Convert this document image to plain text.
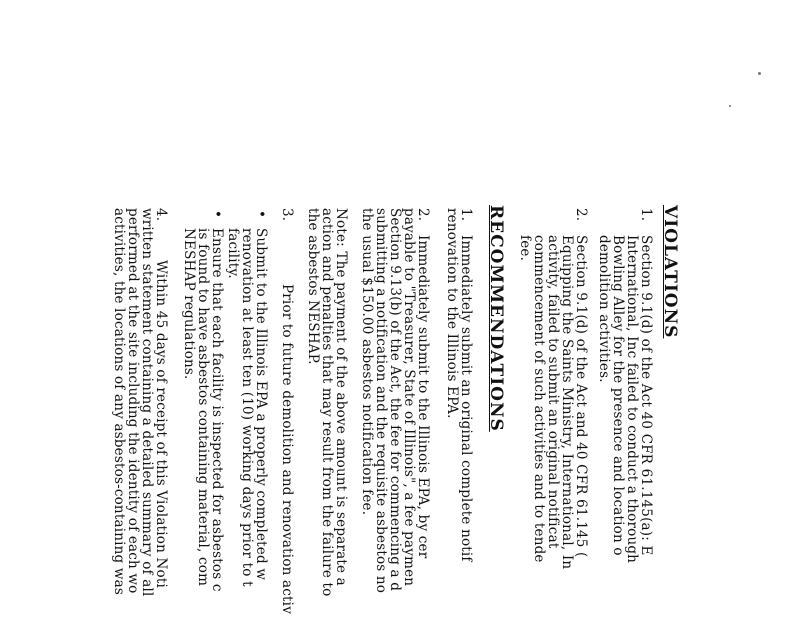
VIOLATIONS
1.
Section 9.1(d) of the Act 40 CFR 61.145(a): E
International, Inc failed to conduct a thorough
Bowling Alley for the presence and location o
demolition activities.
2.
Section 9.1(d) of the Act and 40 CFR 61.145 (
Equipping the Saints Ministry, International, In
activity, failed to submit an original notificat
commencement of such activities and to tende
fee.
RECOMMENDATIONS
1.
Immediately submit an original complete notif
renovation to the Illinois EPA.
2.
Immediately submit to the Illinois EPA, by cer
payable to "Treasurer, State of Illinois", a fee paymen
Section 9.13(b) of the Act, the fee for commencing a d
submitting a notification and the requisite asbestos no
the usual $150.00 asbestos notification fee.
Note: The payment of the above amount is separate a
action and penalties that may result from the failure to
the asbestos NESHAP.
3.
Prior to future demolition and renovation activ
•
Submit to the Illinois EPA a properly completed w
renovation at least ten (10) working days prior to t
facility.
•
Ensure that each facility is inspected for asbestos c
is found to have asbestos containing material, com
NESHAP regulations.
4.
Within 45 days of receipt of this Violation Noti
written statement containing a detailed summary of all
performed at the site including the identity of each wo
activities, the locations of any asbestos-containing was
